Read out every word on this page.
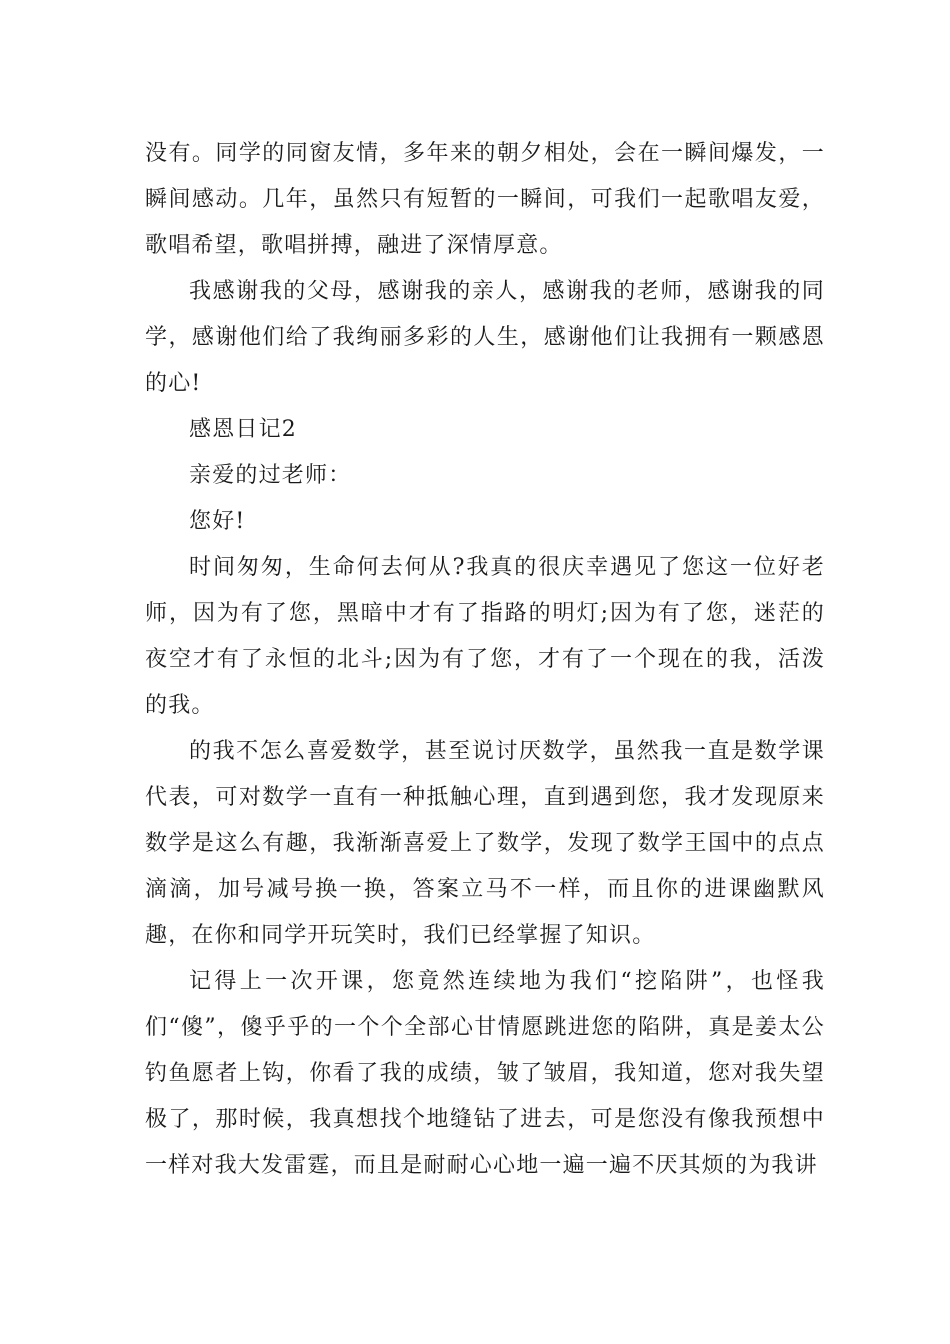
没有。同学的同窗友情，多年来的朝夕相处，会在一瞬间爆发，一瞬间感动。几年，虽然只有短暂的一瞬间，可我们一起歌唱友爱，歌唱希望，歌唱拼搏，融进了深情厚意。

我感谢我的父母，感谢我的亲人，感谢我的老师，感谢我的同学，感谢他们给了我绚丽多彩的人生，感谢他们让我拥有一颗感恩的心!

感恩日记2

亲爱的过老师：

您好!

时间匆匆，生命何去何从?我真的很庆幸遇见了您这一位好老师，因为有了您，黑暗中才有了指路的明灯;因为有了您，迷茫的夜空才有了永恒的北斗;因为有了您，才有了一个现在的我，活泼的我。

的我不怎么喜爱数学，甚至说讨厌数学，虽然我一直是数学课代表，可对数学一直有一种抵触心理，直到遇到您，我才发现原来数学是这么有趣，我渐渐喜爱上了数学，发现了数学王国中的点点滴滴，加号减号换一换，答案立马不一样，而且你的进课幽默风趣，在你和同学开玩笑时，我们已经掌握了知识。

记得上一次开课，您竟然连续地为我们“挖陷阱”，也怪我们“傻”，傻乎乎的一个个全部心甘情愿跳进您的陷阱，真是姜太公钓鱼愿者上钩，你看了我的成绩，皱了皱眉，我知道，您对我失望极了，那时候，我真想找个地缝钻了进去，可是您没有像我预想中一样对我大发雷霆，而且是耐耐心心地一遍一遍不厌其烦的为我讲
